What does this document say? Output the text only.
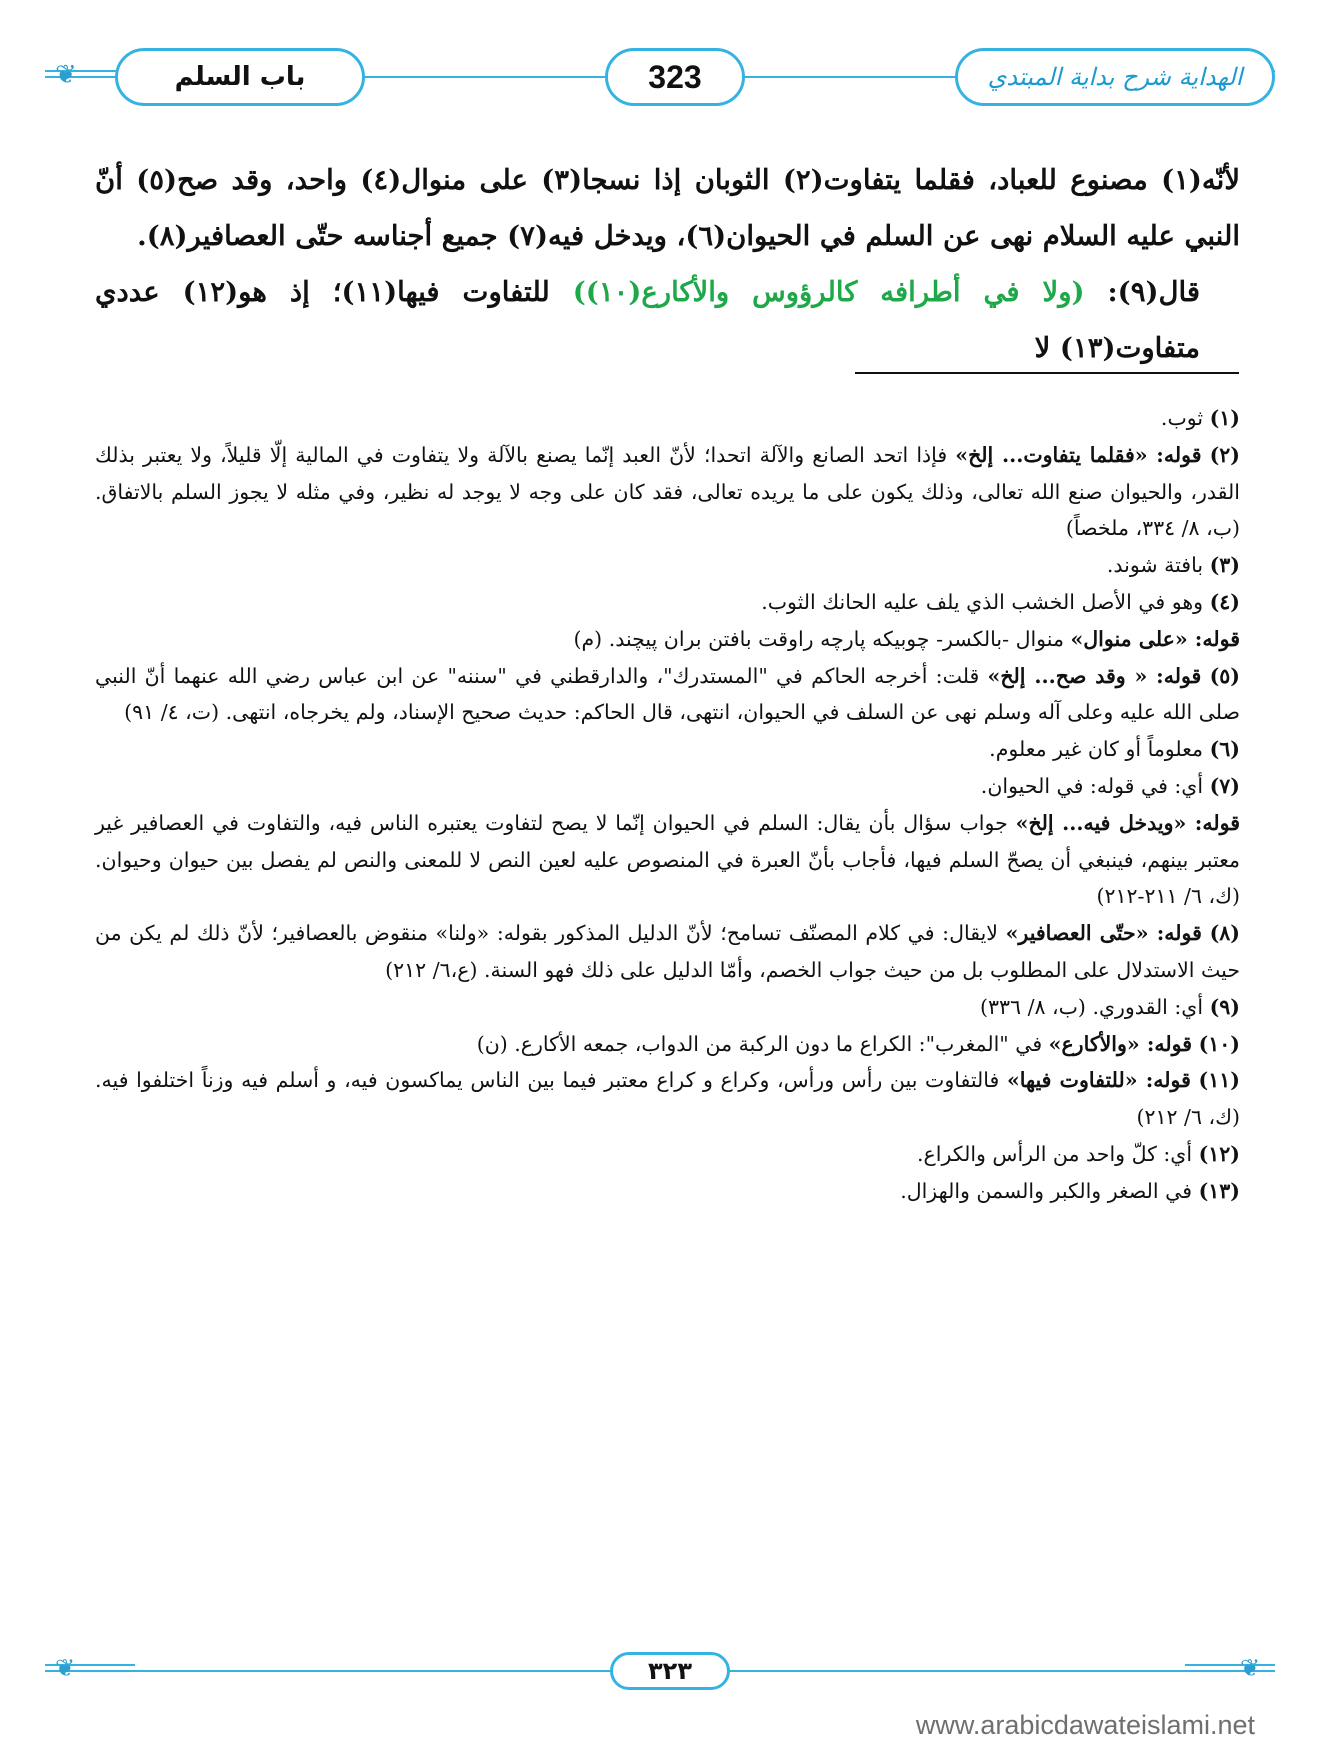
❦	باب السلم	323	الهداية شرح بداية المبتدي

لأنّه(١) مصنوع للعباد، فقلما يتفاوت(٢) الثوبان إذا نسجا(٣) على منوال(٤) واحد، وقد صح(٥) أنّ النبي عليه السلام نهى عن السلم في الحيوان(٦)، ويدخل فيه(٧) جميع أجناسه حتّى العصافير(٨).

قال(٩): (ولا في أطرافه كالرؤوس والأكارع(١٠)) للتفاوت فيها(١١)؛ إذ هو(١٢) عددي متفاوت(١٣) لا

(١) ثوب.

(٢) قوله: «فقلما يتفاوت... إلخ» فإذا اتحد الصانع والآلة اتحدا؛ لأنّ العبد إنّما يصنع بالآلة ولا يتفاوت في المالية إلّا قليلاً، ولا يعتبر بذلك القدر، والحيوان صنع الله تعالى، وذلك يكون على ما يريده تعالى، فقد كان على وجه لا يوجد له نظير، وفي مثله لا يجوز السلم بالاتفاق. (ب، ٨/ ٣٣٤، ملخصاً)

(٣) بافتة شوند.

(٤) وهو في الأصل الخشب الذي يلف عليه الحانك الثوب.

قوله: «على منوال» منوال -بالكسر- چوبيكه پارچه راوقت بافتن بران پيچند. (م)

(٥) قوله: « وقد صح... إلخ» قلت: أخرجه الحاكم في "المستدرك"، والدارقطني في "سننه" عن ابن عباس رضي الله عنهما أنّ النبي صلى الله عليه وعلى آله وسلم نهى عن السلف في الحيوان، انتهى، قال الحاكم: حديث صحيح الإسناد، ولم يخرجاه، انتهى. (ت، ٤/ ٩١)

(٦) معلوماً أو كان غير معلوم.

(٧) أي: في قوله: في الحيوان.

قوله: «ويدخل فيه... إلخ» جواب سؤال بأن يقال: السلم في الحيوان إنّما لا يصح لتفاوت يعتبره الناس فيه، والتفاوت في العصافير غير معتبر بينهم، فينبغي أن يصحّ السلم فيها، فأجاب بأنّ العبرة في المنصوص عليه لعين النص لا للمعنى والنص لم يفصل بين حيوان وحيوان. (ك، ٦/ ٢١١-٢١٢)

(٨) قوله: «حتّى العصافير» لايقال: في كلام المصنّف تسامح؛ لأنّ الدليل المذكور بقوله: «ولنا» منقوض بالعصافير؛ لأنّ ذلك لم يكن من حيث الاستدلال على المطلوب بل من حيث جواب الخصم، وأمّا الدليل على ذلك فهو السنة. (ع،٦/ ٢١٢)

(٩) أي: القدوري. (ب، ٨/ ٣٣٦)

(١٠) قوله: «والأكارع» في "المغرب": الكراع ما دون الركبة من الدواب، جمعه الأكارع. (ن)

(١١) قوله: «للتفاوت فيها» فالتفاوت بين رأس ورأس، وكراع و كراع معتبر فيما بين الناس يماكسون فيه، و أسلم فيه وزناً اختلفوا فيه. (ك، ٦/ ٢١٢)

(١٢) أي: كلّ واحد من الرأس والكراع.

(١٣) في الصغر والكبر والسمن والهزال.

❦	❦
٣٢٣
www.arabicdawateislami.net
